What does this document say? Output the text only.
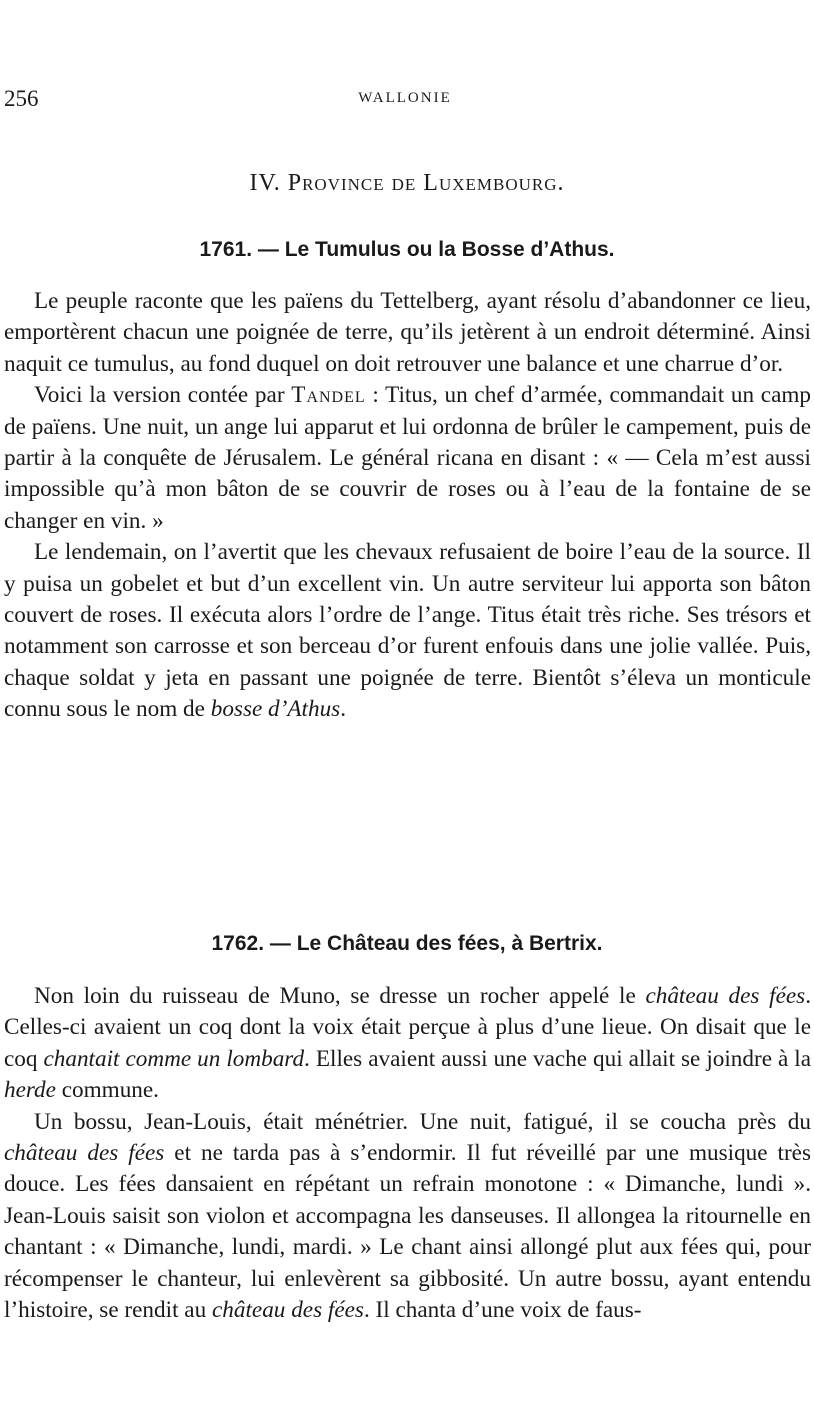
256	WALLONIE
IV. Province de Luxembourg.
1761. — Le Tumulus ou la Bosse d’Athus.

Le peuple raconte que les païens du Tettelberg, ayant résolu d’abandonner ce lieu, emportèrent chacun une poignée de terre, qu’ils jetèrent à un endroit déterminé. Ainsi naquit ce tumulus, au fond duquel on doit retrouver une balance et une charrue d’or.

Voici la version contée par Tandel : Titus, un chef d’armée, commandait un camp de païens. Une nuit, un ange lui apparut et lui ordonna de brûler le campement, puis de partir à la conquête de Jérusalem. Le général ricana en disant : « — Cela m’est aussi impossible qu’à mon bâton de se couvrir de roses ou à l’eau de la fontaine de se changer en vin. »

Le lendemain, on l’avertit que les chevaux refusaient de boire l’eau de la source. Il y puisa un gobelet et but d’un excellent vin. Un autre serviteur lui apporta son bâton couvert de roses. Il exécuta alors l’ordre de l’ange. Titus était très riche. Ses trésors et notamment son carrosse et son berceau d’or furent enfouis dans une jolie vallée. Puis, chaque soldat y jeta en passant une poignée de terre. Bientôt s’éleva un monticule connu sous le nom de bosse d’Athus.

1762. — Le Château des fées, à Bertrix.

Non loin du ruisseau de Muno, se dresse un rocher appelé le château des fées. Celles-ci avaient un coq dont la voix était perçue à plus d’une lieue. On disait que le coq chantait comme un lombard. Elles avaient aussi une vache qui allait se joindre à la herde commune.

Un bossu, Jean-Louis, était ménétrier. Une nuit, fatigué, il se coucha près du château des fées et ne tarda pas à s’endormir. Il fut réveillé par une musique très douce. Les fées dansaient en répétant un refrain monotone : « Dimanche, lundi ». Jean-Louis saisit son violon et accompagna les danseuses. Il allongea la ritournelle en chantant : « Dimanche, lundi, mardi. » Le chant ainsi allongé plut aux fées qui, pour récompenser le chanteur, lui enlevèrent sa gibbosité. Un autre bossu, ayant entendu l’histoire, se rendit au château des fées. Il chanta d’une voix de faus-
